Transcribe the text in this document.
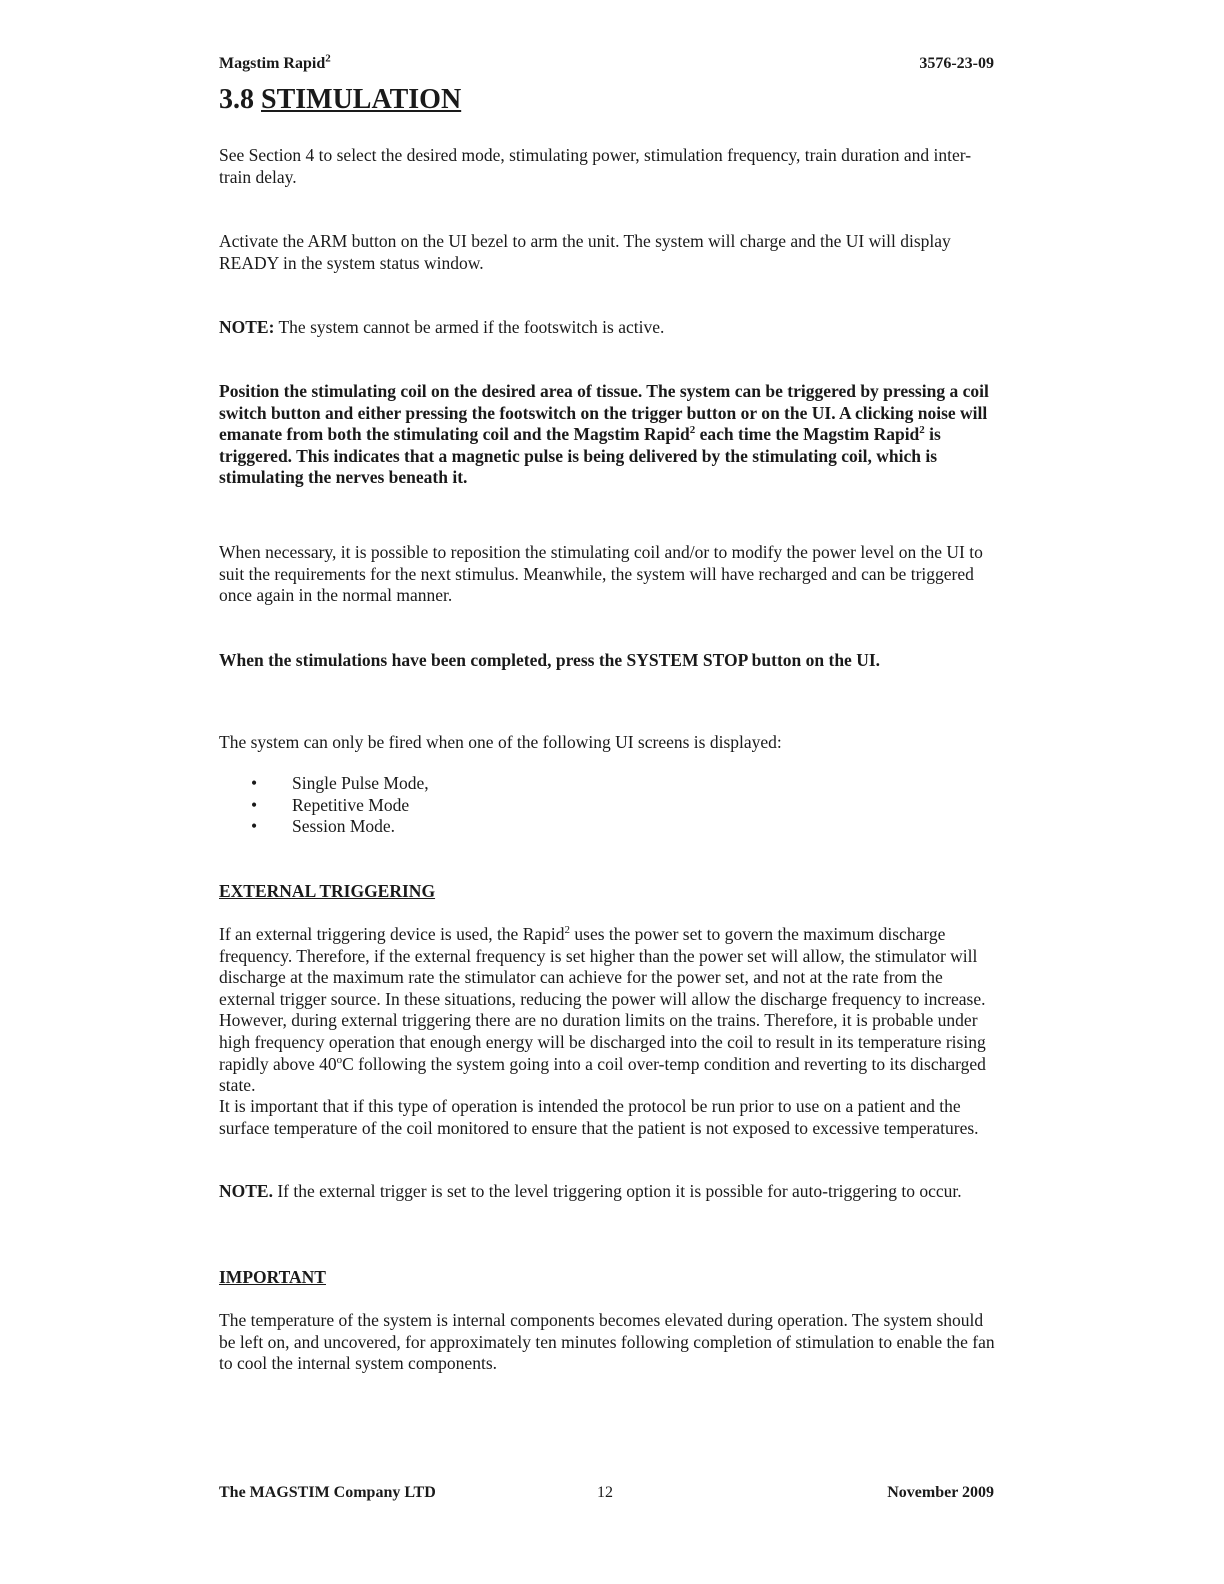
Magstim Rapid$^2$	3576-23-09
3.8 STIMULATION

See Section 4 to select the desired mode, stimulating power, stimulation frequency, train duration and inter-train delay.

Activate the ARM button on the UI bezel to arm the unit. The system will charge and the UI will display READY in the system status window.

NOTE: The system cannot be armed if the footswitch is active.

Position the stimulating coil on the desired area of tissue. The system can be triggered by pressing a coil switch button and either pressing the footswitch on the trigger button or on the UI. A clicking noise will emanate from both the stimulating coil and the Magstim Rapid$^2$ each time the Magstim Rapid$^2$ is triggered. This indicates that a magnetic pulse is being delivered by the stimulating coil, which is stimulating the nerves beneath it.

When necessary, it is possible to reposition the stimulating coil and/or to modify the power level on the UI to suit the requirements for the next stimulus. Meanwhile, the system will have recharged and can be triggered once again in the normal manner.

When the stimulations have been completed, press the SYSTEM STOP button on the UI.

The system can only be fired when one of the following UI screens is displayed:

• Single Pulse Mode,
• Repetitive Mode
• Session Mode.
EXTERNAL TRIGGERING

If an external triggering device is used, the Rapid$^2$ uses the power set to govern the maximum discharge frequency. Therefore, if the external frequency is set higher than the power set will allow, the stimulator will discharge at the maximum rate the stimulator can achieve for the power set, and not at the rate from the external trigger source. In these situations, reducing the power will allow the discharge frequency to increase. However, during external triggering there are no duration limits on the trains. Therefore, it is probable under high frequency operation that enough energy will be discharged into the coil to result in its temperature rising rapidly above 40$^o$C following the system going into a coil over-temp condition and reverting to its discharged state.

It is important that if this type of operation is intended the protocol be run prior to use on a patient and the surface temperature of the coil monitored to ensure that the patient is not exposed to excessive temperatures.

NOTE. If the external trigger is set to the level triggering option it is possible for auto-triggering to occur.

IMPORTANT

The temperature of the system is internal components becomes elevated during operation. The system should be left on, and uncovered, for approximately ten minutes following completion of stimulation to enable the fan to cool the internal system components.

The MAGSTIM Company LTD	12	November 2009
